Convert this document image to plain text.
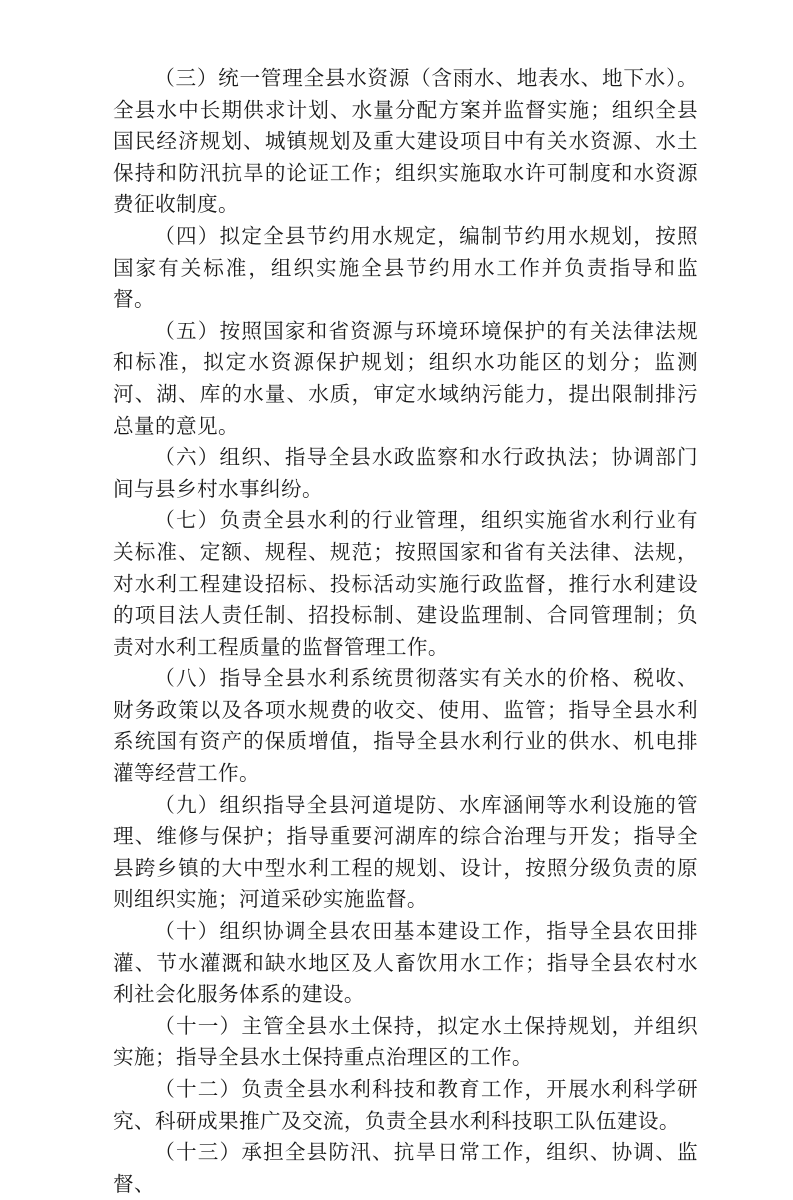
（三）统一管理全县水资源（含雨水、地表水、地下水）。全县水中长期供求计划、水量分配方案并监督实施；组织全县国民经济规划、城镇规划及重大建设项目中有关水资源、水土保持和防汛抗旱的论证工作；组织实施取水许可制度和水资源费征收制度。

（四）拟定全县节约用水规定，编制节约用水规划，按照国家有关标准，组织实施全县节约用水工作并负责指导和监督。

（五）按照国家和省资源与环境环境保护的有关法律法规和标准，拟定水资源保护规划；组织水功能区的划分；监测河、湖、库的水量、水质，审定水域纳污能力，提出限制排污总量的意见。

（六）组织、指导全县水政监察和水行政执法；协调部门间与县乡村水事纠纷。

（七）负责全县水利的行业管理，组织实施省水利行业有关标准、定额、规程、规范；按照国家和省有关法律、法规，对水利工程建设招标、投标活动实施行政监督，推行水利建设的项目法人责任制、招投标制、建设监理制、合同管理制；负责对水利工程质量的监督管理工作。

（八）指导全县水利系统贯彻落实有关水的价格、税收、财务政策以及各项水规费的收交、使用、监管；指导全县水利系统国有资产的保质增值，指导全县水利行业的供水、机电排灌等经营工作。

（九）组织指导全县河道堤防、水库涵闸等水利设施的管理、维修与保护；指导重要河湖库的综合治理与开发；指导全县跨乡镇的大中型水利工程的规划、设计，按照分级负责的原则组织实施；河道采砂实施监督。

（十）组织协调全县农田基本建设工作，指导全县农田排灌、节水灌溉和缺水地区及人畜饮用水工作；指导全县农村水利社会化服务体系的建设。

（十一）主管全县水土保持，拟定水土保持规划，并组织实施；指导全县水土保持重点治理区的工作。

（十二）负责全县水利科技和教育工作，开展水利科学研究、科研成果推广及交流，负责全县水利科技职工队伍建设。

（十三）承担全县防汛、抗旱日常工作，组织、协调、监督、
